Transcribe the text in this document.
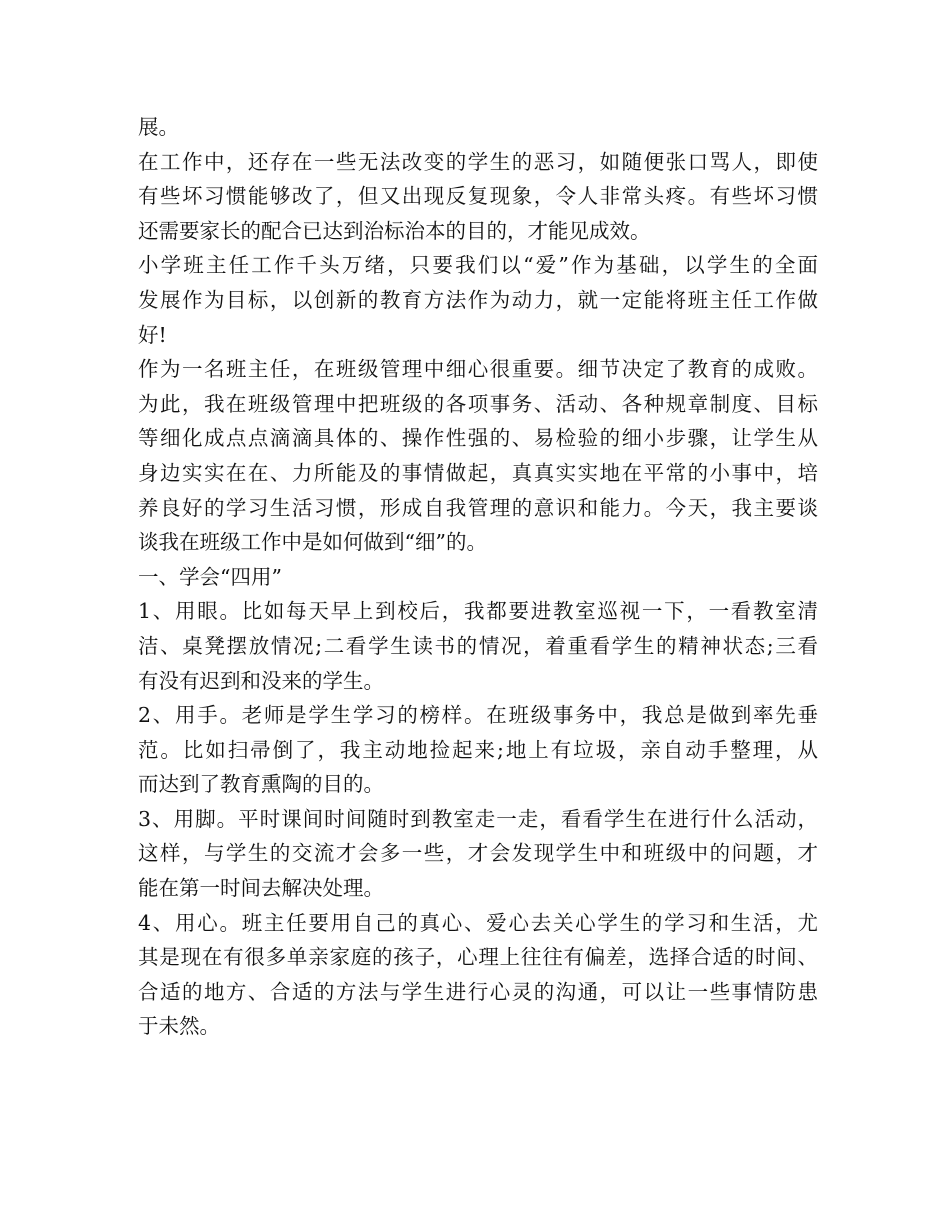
展。
在工作中，还存在一些无法改变的学生的恶习，如随便张口骂人，即使
有些坏习惯能够改了，但又出现反复现象，令人非常头疼。有些坏习惯
还需要家长的配合已达到治标治本的目的，才能见成效。
小学班主任工作千头万绪，只要我们以“爱”作为基础，以学生的全面
发展作为目标，以创新的教育方法作为动力，就一定能将班主任工作做
好!
作为一名班主任，在班级管理中细心很重要。细节决定了教育的成败。
为此，我在班级管理中把班级的各项事务、活动、各种规章制度、目标
等细化成点点滴滴具体的、操作性强的、易检验的细小步骤，让学生从
身边实实在在、力所能及的事情做起，真真实实地在平常的小事中，培
养良好的学习生活习惯，形成自我管理的意识和能力。今天，我主要谈
谈我在班级工作中是如何做到“细”的。
一、学会“四用”
1、用眼。比如每天早上到校后，我都要进教室巡视一下，一看教室清
洁、桌凳摆放情况;二看学生读书的情况，着重看学生的精神状态;三看
有没有迟到和没来的学生。
2、用手。老师是学生学习的榜样。在班级事务中，我总是做到率先垂
范。比如扫帚倒了，我主动地捡起来;地上有垃圾，亲自动手整理，从
而达到了教育熏陶的目的。
3、用脚。平时课间时间随时到教室走一走，看看学生在进行什么活动，
这样，与学生的交流才会多一些，才会发现学生中和班级中的问题，才
能在第一时间去解决处理。
4、用心。班主任要用自己的真心、爱心去关心学生的学习和生活，尤
其是现在有很多单亲家庭的孩子，心理上往往有偏差，选择合适的时间、
合适的地方、合适的方法与学生进行心灵的沟通，可以让一些事情防患
于未然。
